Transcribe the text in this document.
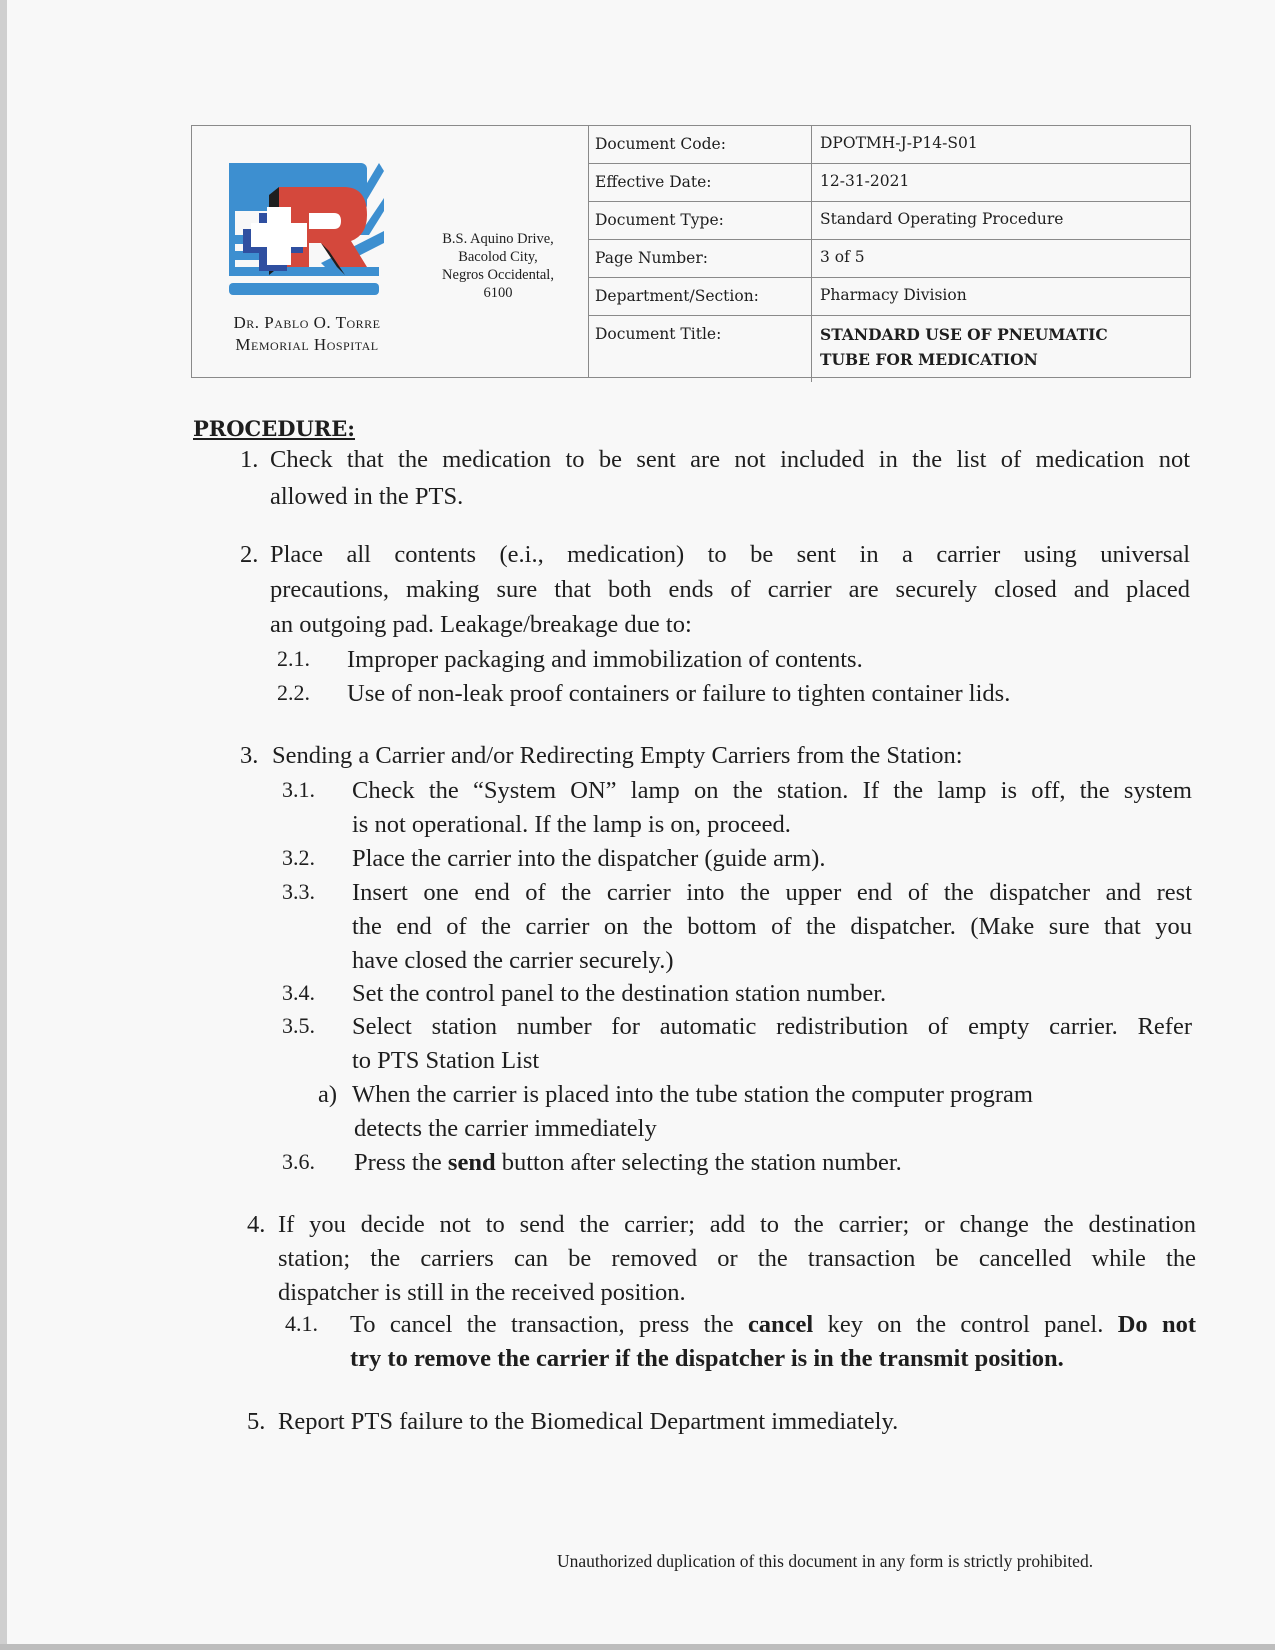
Dr. Pablo O. Torre
Memorial Hospital
B.S. Aquino Drive,
Bacolod City,
Negros Occidental,
6100
Document Code:	DPOTMH-J-P14-S01
Effective Date:	12-31-2021
Document Type:	Standard Operating Procedure
Page Number:	3 of 5
Department/Section:	Pharmacy Division
Document Title:	STANDARD USE OF PNEUMATIC
TUBE FOR MEDICATION
PROCEDURE:
1. Check that the medication to be sent are not included in the list of medication not
allowed in the PTS.
2. Place all contents (e.i., medication) to be sent in a carrier using universal
precautions, making sure that both ends of carrier are securely closed and placed
an outgoing pad. Leakage/breakage due to:
2.1. Improper packaging and immobilization of contents.
2.2. Use of non-leak proof containers or failure to tighten container lids.
3. Sending a Carrier and/or Redirecting Empty Carriers from the Station:
3.1. Check the “System ON” lamp on the station. If the lamp is off, the system
is not operational. If the lamp is on, proceed.
3.2. Place the carrier into the dispatcher (guide arm).
3.3. Insert one end of the carrier into the upper end of the dispatcher and rest
the end of the carrier on the bottom of the dispatcher. (Make sure that you
have closed the carrier securely.)
3.4. Set the control panel to the destination station number.
3.5. Select station number for automatic redistribution of empty carrier. Refer
to PTS Station List
a) When the carrier is placed into the tube station the computer program
detects the carrier immediately
3.6. Press the send button after selecting the station number.
4. If you decide not to send the carrier; add to the carrier; or change the destination
station; the carriers can be removed or the transaction be cancelled while the
dispatcher is still in the received position.
4.1. To cancel the transaction, press the cancel key on the control panel. Do not
try to remove the carrier if the dispatcher is in the transmit position.
5. Report PTS failure to the Biomedical Department immediately.
Unauthorized duplication of this document in any form is strictly prohibited.
